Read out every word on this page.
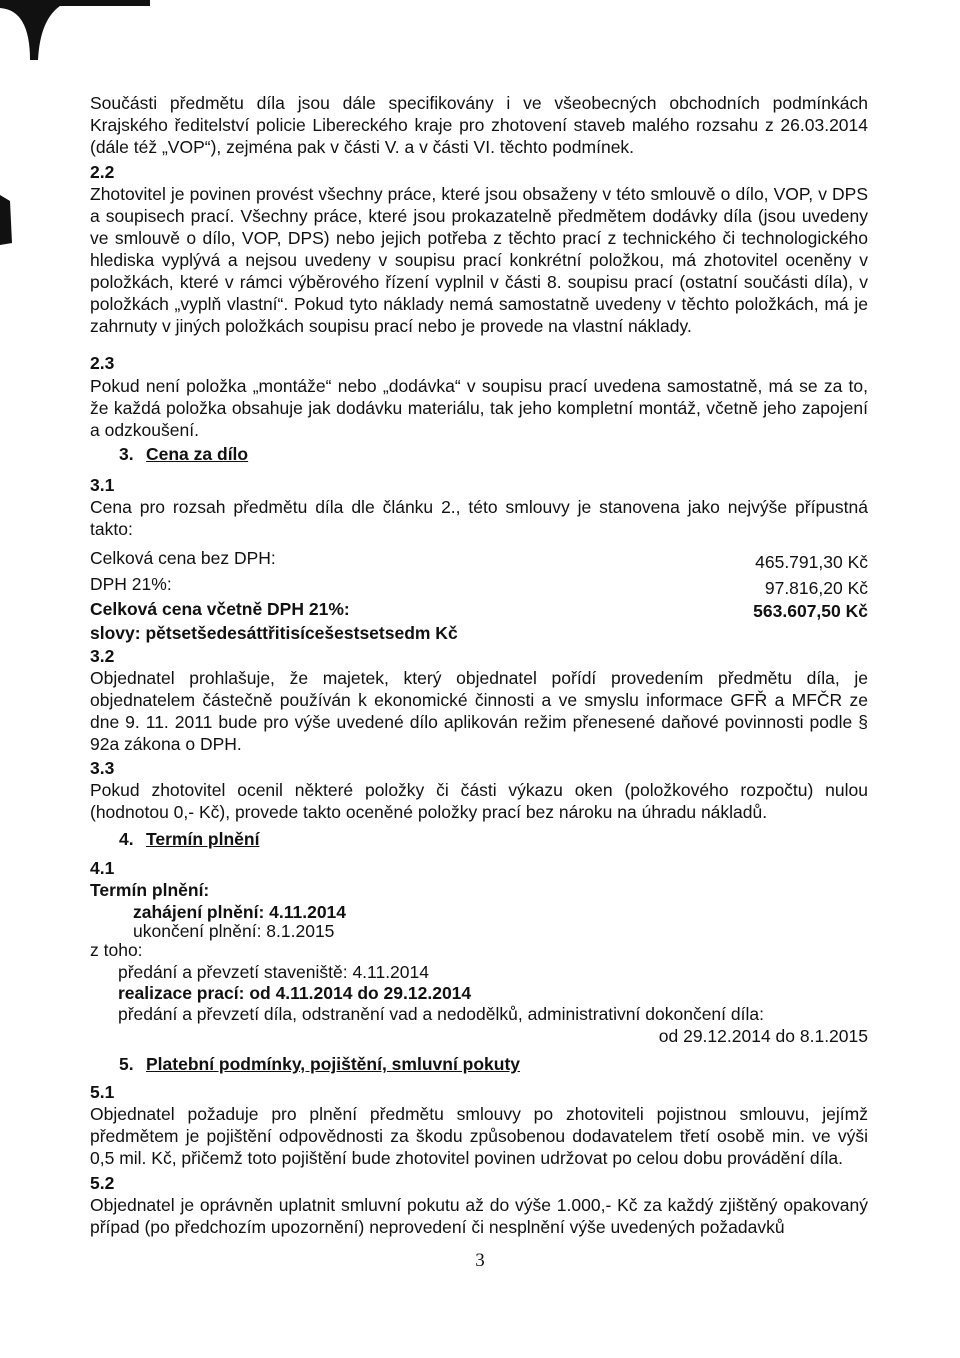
Součásti předmětu díla jsou dále specifikovány i ve všeobecných obchodních podmínkách Krajského ředitelství policie Libereckého kraje pro zhotovení staveb malého rozsahu z 26.03.2014 (dále též „VOP“), zejména pak v části V. a v části VI. těchto podmínek.
2.2
Zhotovitel je povinen provést všechny práce, které jsou obsaženy v této smlouvě o dílo, VOP, v DPS a soupisech prací. Všechny práce, které jsou prokazatelně předmětem dodávky díla (jsou uvedeny ve smlouvě o dílo, VOP, DPS) nebo jejich potřeba z těchto prací z technického či technologického hlediska vyplývá a nejsou uvedeny v soupisu prací konkrétní položkou, má zhotovitel oceněny v položkách, které v rámci výběrového řízení vyplnil v části 8. soupisu prací (ostatní součásti díla), v položkách „vyplň vlastní“. Pokud tyto náklady nemá samostatně uvedeny v těchto položkách, má je zahrnuty v jiných položkách soupisu prací nebo je provede na vlastní náklady.
2.3
Pokud není položka „montáže“ nebo „dodávka“ v soupisu prací uvedena samostatně, má se za to, že každá položka obsahuje jak dodávku materiálu, tak jeho kompletní montáž, včetně jeho zapojení a odzkoušení.
3. Cena za dílo
3.1
Cena pro rozsah předmětu díla dle článku 2., této smlouvy je stanovena jako nejvýše přípustná takto:
Celková cena bez DPH:	465.791,30 Kč
DPH 21%:	97.816,20 Kč
Celková cena včetně DPH 21%:	563.607,50 Kč
slovy: pětsetšedesáttřitisícešestsetsedm Kč
3.2
Objednatel prohlašuje, že majetek, který objednatel pořídí provedením předmětu díla, je objednatelem částečně používán k ekonomické činnosti a ve smyslu informace GFŘ a MFČR ze dne 9. 11. 2011 bude pro výše uvedené dílo aplikován režim přenesené daňové povinnosti podle § 92a zákona o DPH.
3.3
Pokud zhotovitel ocenil některé položky či části výkazu oken (položkového rozpočtu) nulou (hodnotou 0,- Kč), provede takto oceněné položky prací bez nároku na úhradu nákladů.
4. Termín plnění
4.1
Termín plnění:
zahájení plnění: 4.11.2014
ukončení plnění: 8.1.2015
z toho:
předání a převzetí staveniště: 4.11.2014
realizace prací: od 4.11.2014 do 29.12.2014
předání a převzetí díla, odstranění vad a nedodělků, administrativní dokončení díla:
od 29.12.2014 do 8.1.2015
5. Platební podmínky, pojištění, smluvní pokuty
5.1
Objednatel požaduje pro plnění předmětu smlouvy po zhotoviteli pojistnou smlouvu, jejímž předmětem je pojištění odpovědnosti za škodu způsobenou dodavatelem třetí osobě min. ve výši 0,5 mil. Kč, přičemž toto pojištění bude zhotovitel povinen udržovat po celou dobu provádění díla.
5.2
Objednatel je oprávněn uplatnit smluvní pokutu až do výše 1.000,- Kč za každý zjištěný opakovaný případ (po předchozím upozornění) neprovedení či nesplnění výše uvedených požadavků
3
